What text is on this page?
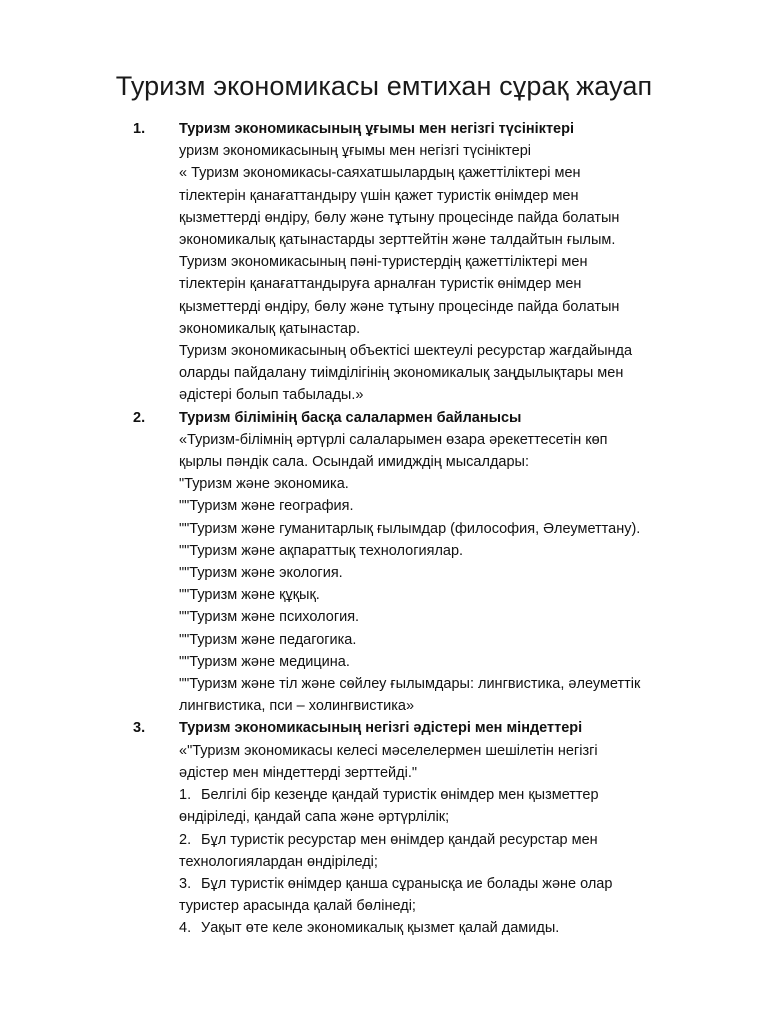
Туризм экономикасы емтихан сұрақ жауап
1. Туризм экономикасының ұғымы мен негізгі түсініктері

уризм экономикасының ұғымы мен негізгі түсініктері

« Туризм экономикасы-саяхатшылардың қажеттіліктері мен

тілектерін қанағаттандыру үшін қажет туристік өнімдер мен

қызметтерді өндіру, бөлу және тұтыну процесінде пайда болатын

экономикалық қатынастарды зерттейтін және талдайтын ғылым.

Туризм экономикасының пәні-туристердің қажеттіліктері мен

тілектерін қанағаттандыруға арналған туристік өнімдер мен

қызметтерді өндіру, бөлу және тұтыну процесінде пайда болатын

экономикалық қатынастар.

Туризм экономикасының объектісі шектеулі ресурстар жағдайында

оларды пайдалану тиімділігінің экономикалық заңдылықтары мен

әдістері болып табылады.»

2. Туризм білімінің басқа салалармен байланысы

«Туризм-білімнің әртүрлі салаларымен өзара әрекеттесетін көп

қырлы пәндік сала. Осындай имидждің мысалдары:

"Туризм және экономика.

""Туризм және география.

""Туризм және гуманитарлық ғылымдар (философия, Әлеуметтану).

""Туризм және ақпараттық технологиялар.

""Туризм және экология.

""Туризм және құқық.

""Туризм және психология.

""Туризм және педагогика.

""Туризм және медицина.

""Туризм және тіл және сөйлеу ғылымдары: лингвистика, әлеуметтік

лингвистика, пси – холингвистика»

3. Туризм экономикасының негізгі әдістері мен міндеттері

«"Туризм экономикасы келесі мәселелермен шешілетін негізгі

әдістер мен міндеттерді зерттейді."

1. Белгілі бір кезеңде қандай туристік өнімдер мен қызметтер

өндіріледі, қандай сапа және әртүрлілік;

2. Бұл туристік ресурстар мен өнімдер қандай ресурстар мен

технологиялардан өндіріледі;

3. Бұл туристік өнімдер қанша сұранысқа ие болады және олар

туристер арасында қалай бөлінеді;

4. Уақыт өте келе экономикалық қызмет қалай дамиды.
